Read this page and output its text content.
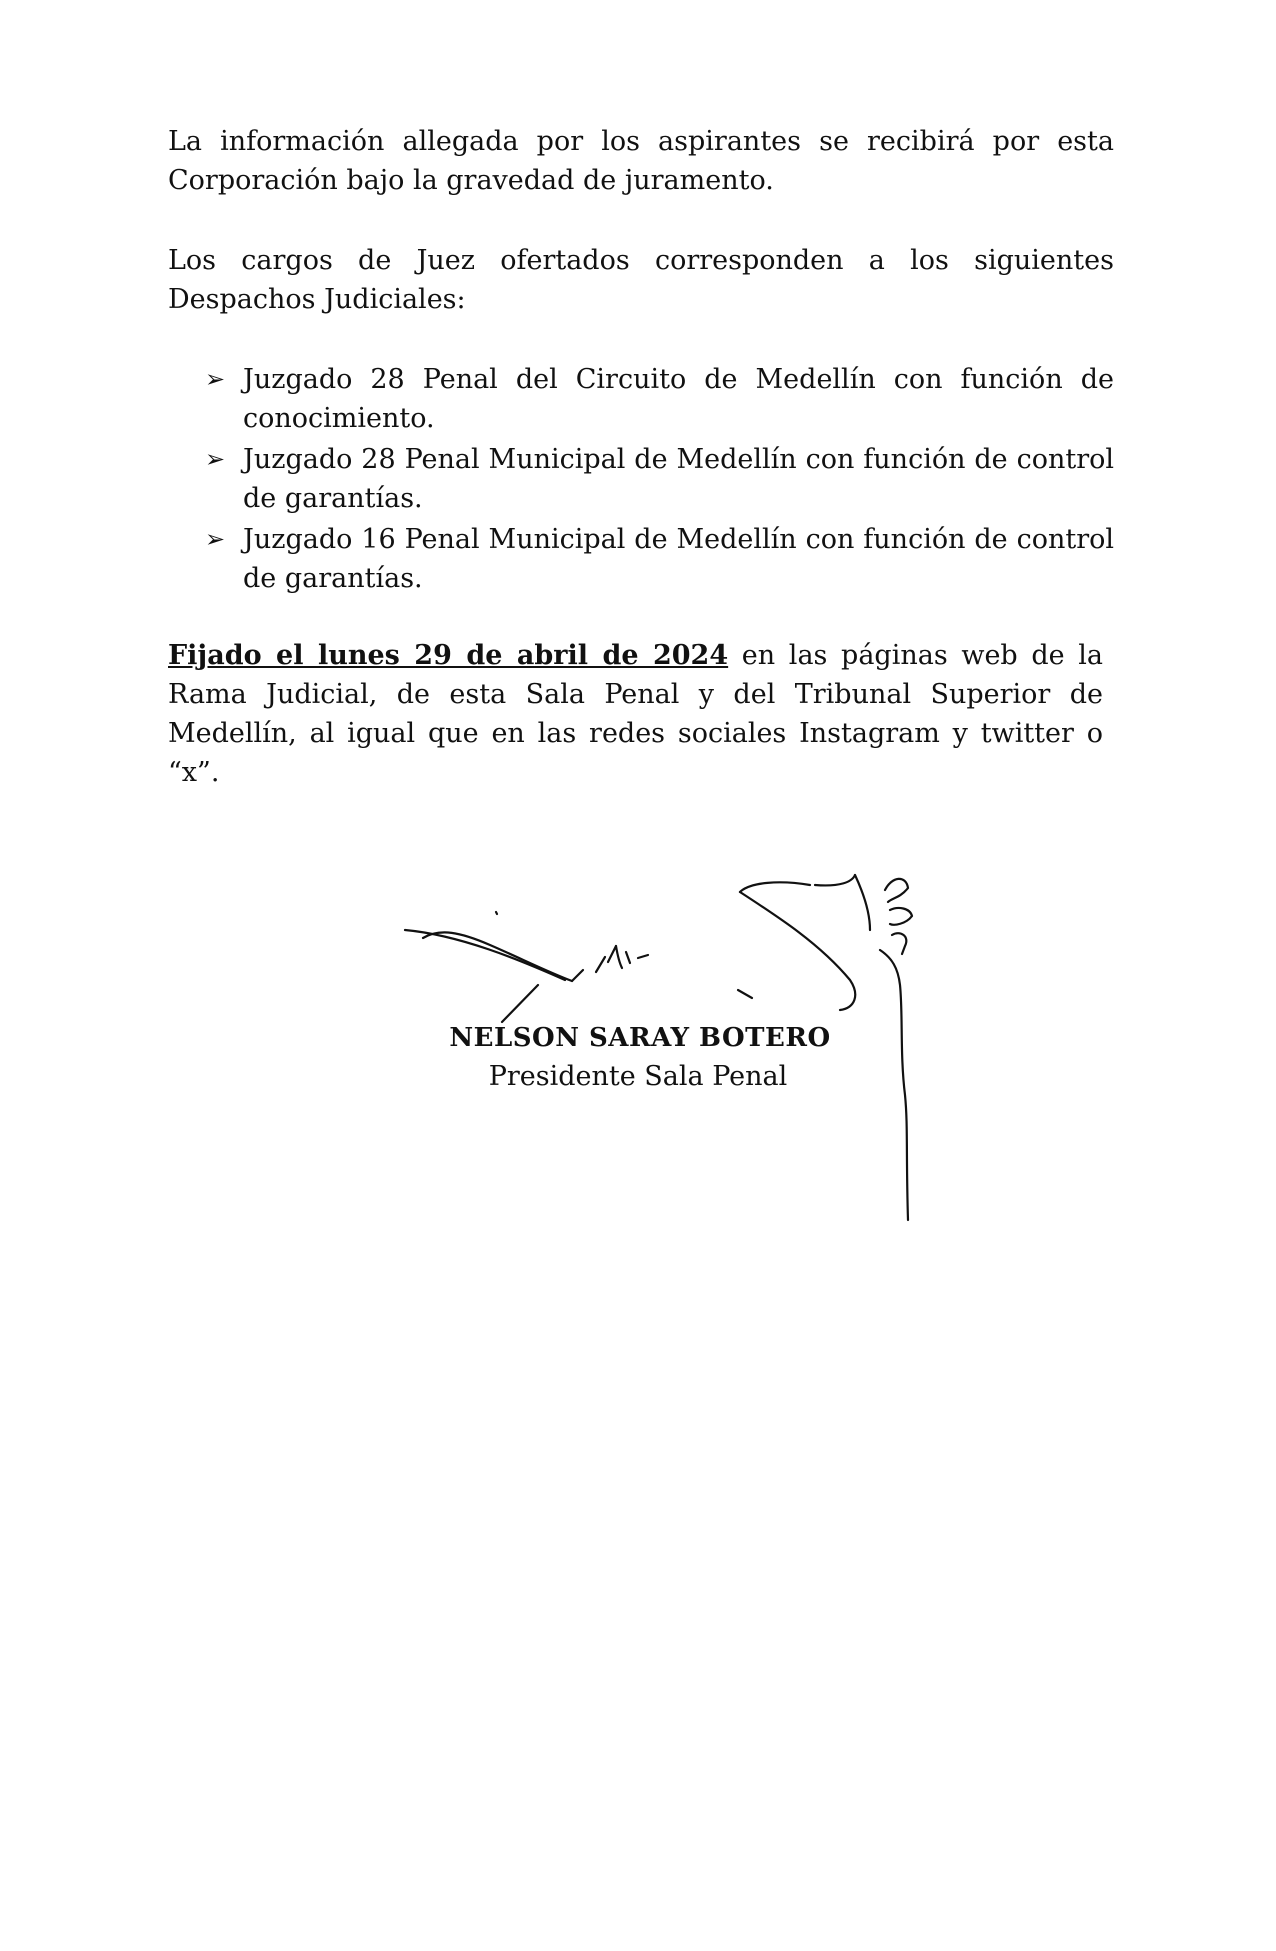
La información allegada por los aspirantes se recibirá por esta Corporación bajo la gravedad de juramento.

Los cargos de Juez ofertados corresponden a los siguientes Despachos Judiciales:

➢ Juzgado 28 Penal del Circuito de Medellín con función de conocimiento.
➢ Juzgado 28 Penal Municipal de Medellín con función de control de garantías.
➢ Juzgado 16 Penal Municipal de Medellín con función de control de garantías.

Fijado el lunes 29 de abril de 2024 en las páginas web de la Rama Judicial, de esta Sala Penal y del Tribunal Superior de Medellín, al igual que en las redes sociales Instagram y twitter o “x”.

NELSON SARAY BOTERO
Presidente Sala Penal
